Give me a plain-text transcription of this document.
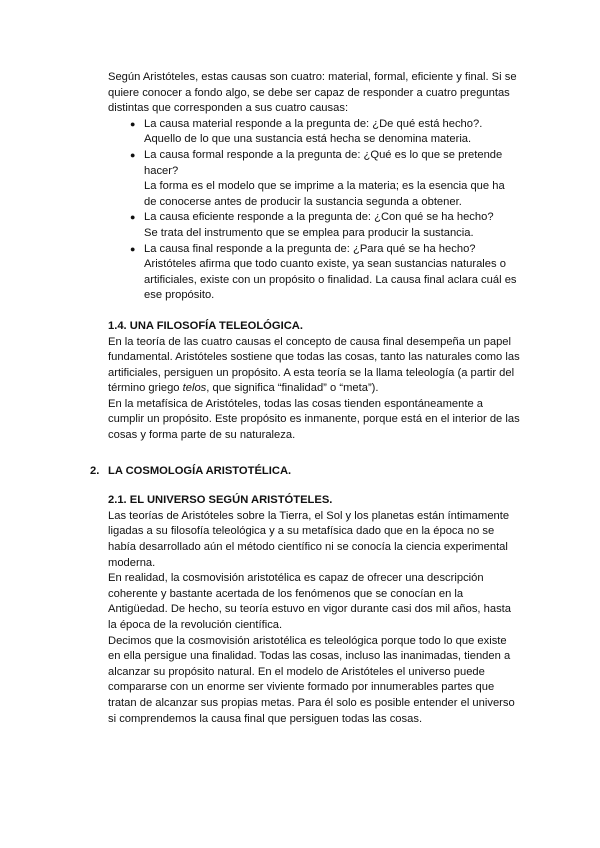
Según Aristóteles, estas causas son cuatro: material, formal, eficiente y final. Si se quiere conocer a fondo algo, se debe ser capaz de responder a cuatro preguntas distintas que corresponden a sus cuatro causas:

● La causa material responde a la pregunta de: ¿De qué está hecho?.
Aquello de lo que una sustancia está hecha se denomina materia.
● La causa formal responde a la pregunta de: ¿Qué es lo que se pretende hacer?
La forma es el modelo que se imprime a la materia; es la esencia que ha de conocerse antes de producir la sustancia segunda a obtener.
● La causa eficiente responde a la pregunta de: ¿Con qué se ha hecho?
Se trata del instrumento que se emplea para producir la sustancia.
● La causa final responde a la pregunta de: ¿Para qué se ha hecho?
Aristóteles afirma que todo cuanto existe, ya sean sustancias naturales o artificiales, existe con un propósito o finalidad. La causa final aclara cuál es ese propósito.

1.4. UNA FILOSOFÍA TELEOLÓGICA.

En la teoría de las cuatro causas el concepto de causa final desempeña un papel fundamental. Aristóteles sostiene que todas las cosas, tanto las naturales como las artificiales, persiguen un propósito. A esta teoría se la llama teleología (a partir del término griego telos, que significa “finalidad” o “meta”).

En la metafísica de Aristóteles, todas las cosas tienden espontáneamente a cumplir un propósito. Este propósito es inmanente, porque está en el interior de las cosas y forma parte de su naturaleza.

2. LA COSMOLOGÍA ARISTOTÉLICA.

2.1. EL UNIVERSO SEGÚN ARISTÓTELES.

Las teorías de Aristóteles sobre la Tierra, el Sol y los planetas están íntimamente ligadas a su filosofía teleológica y a su metafísica dado que en la época no se había desarrollado aún el método científico ni se conocía la ciencia experimental moderna.

En realidad, la cosmovisión aristotélica es capaz de ofrecer una descripción coherente y bastante acertada de los fenómenos que se conocían en la Antigüedad. De hecho, su teoría estuvo en vigor durante casi dos mil años, hasta la época de la revolución científica.

Decimos que la cosmovisión aristotélica es teleológica porque todo lo que existe en ella persigue una finalidad. Todas las cosas, incluso las inanimadas, tienden a alcanzar su propósito natural. En el modelo de Aristóteles el universo puede compararse con un enorme ser viviente formado por innumerables partes que tratan de alcanzar sus propias metas. Para él solo es posible entender el universo si comprendemos la causa final que persiguen todas las cosas.
